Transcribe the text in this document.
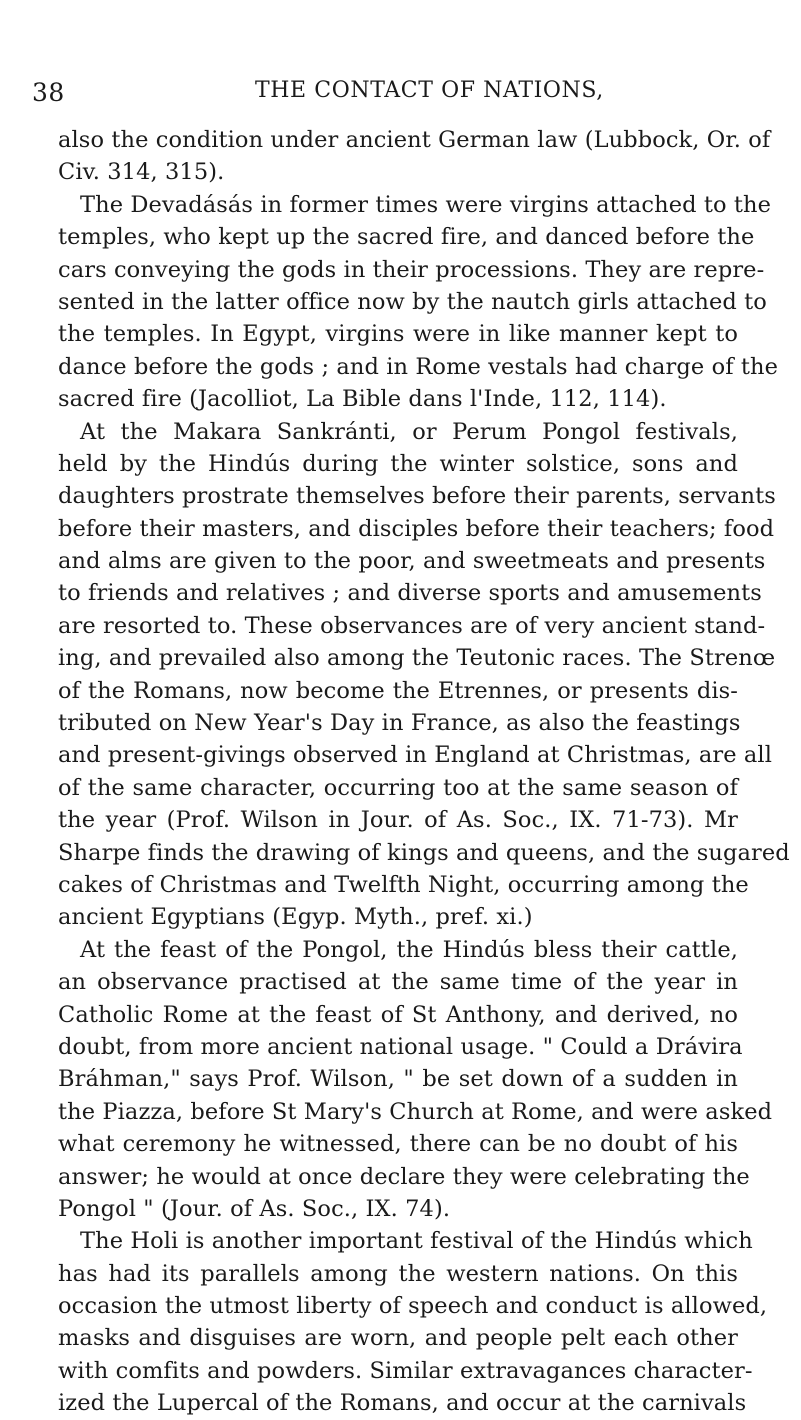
38	THE CONTACT OF NATIONS,
also the condition under ancient German law (Lubbock, Or. of
Civ. 314, 315).
The Devadásás in former times were virgins attached to the
temples, who kept up the sacred fire, and danced before the
cars conveying the gods in their processions. They are repre-
sented in the latter office now by the nautch girls attached to
the temples. In Egypt, virgins were in like manner kept to
dance before the gods ; and in Rome vestals had charge of the
sacred fire (Jacolliot, La Bible dans l'Inde, 112, 114).
At the Makara Sankránti, or Perum Pongol festivals,
held by the Hindús during the winter solstice, sons and
daughters prostrate themselves before their parents, servants
before their masters, and disciples before their teachers; food
and alms are given to the poor, and sweetmeats and presents
to friends and relatives ; and diverse sports and amusements
are resorted to. These observances are of very ancient stand-
ing, and prevailed also among the Teutonic races. The Strenœ
of the Romans, now become the Etrennes, or presents dis-
tributed on New Year's Day in France, as also the feastings
and present-givings observed in England at Christmas, are all
of the same character, occurring too at the same season of
the year (Prof. Wilson in Jour. of As. Soc., IX. 71-73). Mr
Sharpe finds the drawing of kings and queens, and the sugared
cakes of Christmas and Twelfth Night, occurring among the
ancient Egyptians (Egyp. Myth., pref. xi.)
At the feast of the Pongol, the Hindús bless their cattle,
an observance practised at the same time of the year in
Catholic Rome at the feast of St Anthony, and derived, no
doubt, from more ancient national usage. " Could a Drávira
Bráhman," says Prof. Wilson, " be set down of a sudden in
the Piazza, before St Mary's Church at Rome, and were asked
what ceremony he witnessed, there can be no doubt of his
answer; he would at once declare they were celebrating the
Pongol " (Jour. of As. Soc., IX. 74).
The Holi is another important festival of the Hindús which
has had its parallels among the western nations. On this
occasion the utmost liberty of speech and conduct is allowed,
masks and disguises are worn, and people pelt each other
with comfits and powders. Similar extravagances character-
ized the Lupercal of the Romans, and occur at the carnivals
